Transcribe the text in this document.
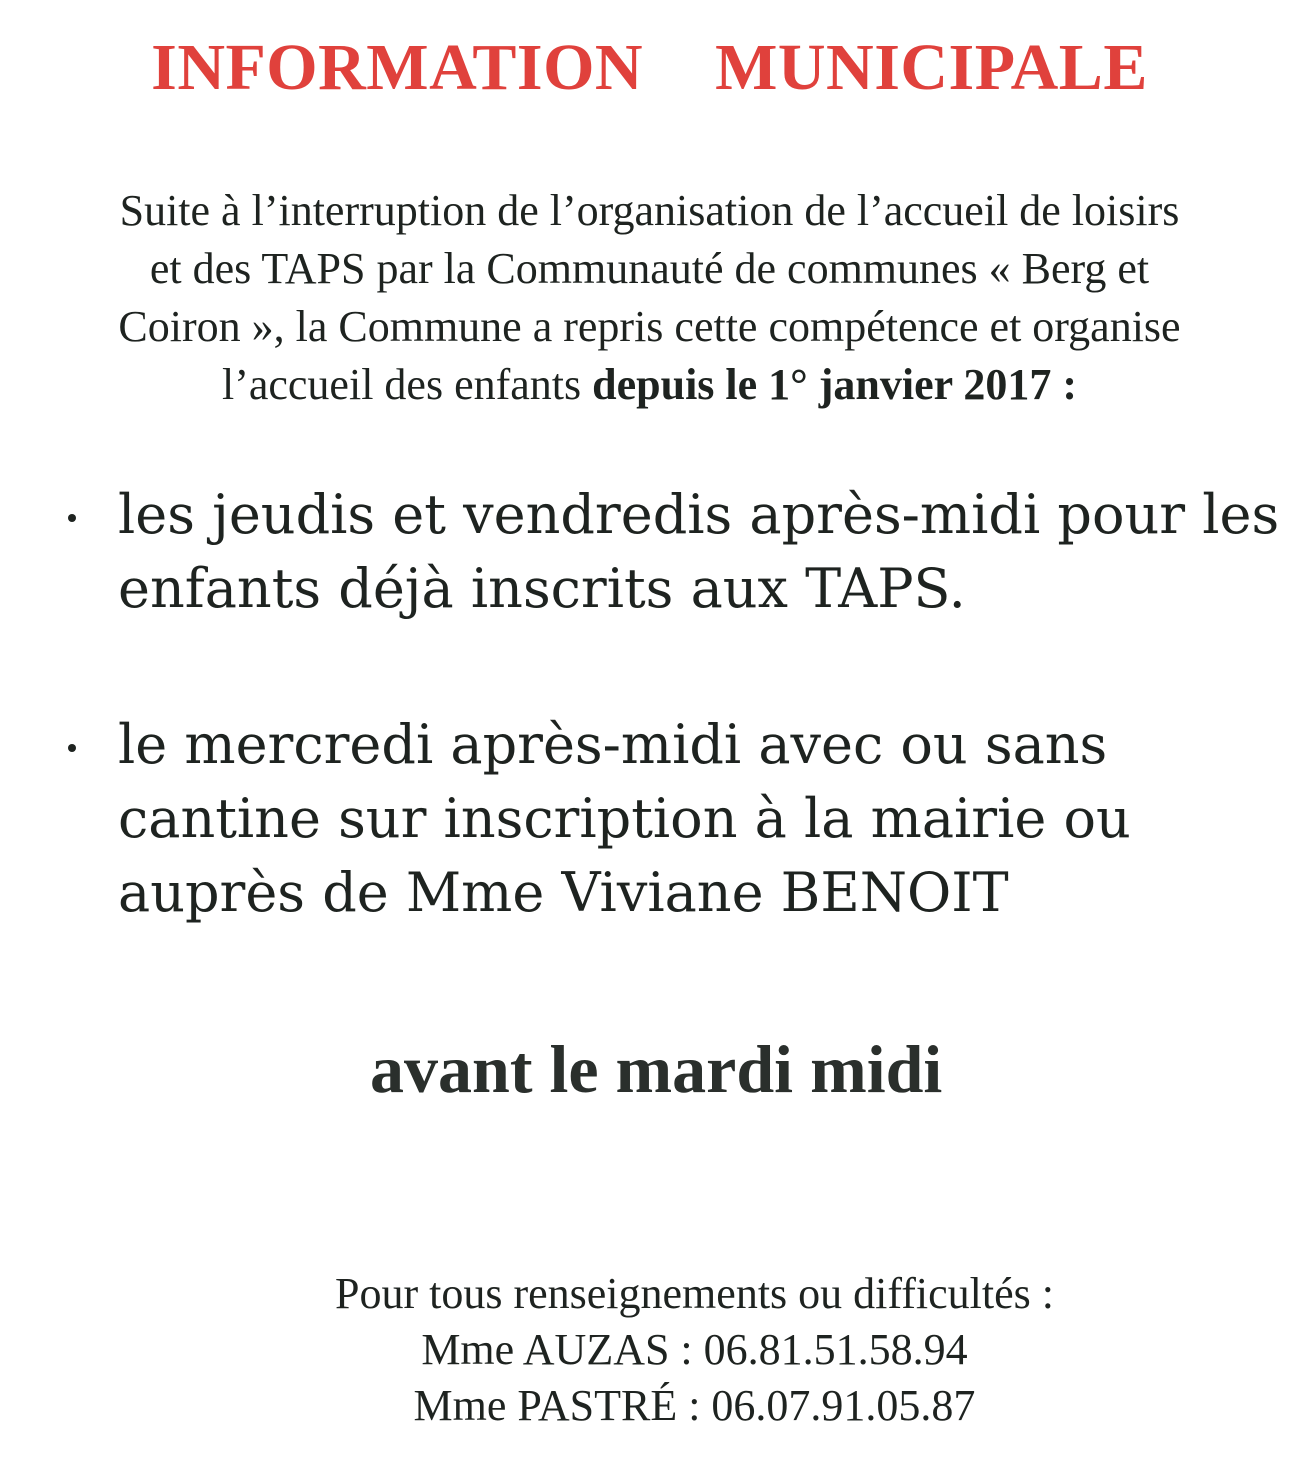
INFORMATION MUNICIPALE
Suite à l’interruption de l’organisation de l’accueil de loisirs
et des TAPS par la Communauté de communes « Berg et
Coiron », la Commune a repris cette compétence et organise
l’accueil des enfants depuis le 1° janvier 2017 :
les jeudis et vendredis après-midi pour les
enfants déjà inscrits aux TAPS.
le mercredi après-midi avec ou sans
cantine sur inscription à la mairie ou
auprès de Mme Viviane BENOIT
avant le mardi midi
Pour tous renseignements ou difficultés :
Mme AUZAS : 06.81.51.58.94
Mme PASTRÉ : 06.07.91.05.87
